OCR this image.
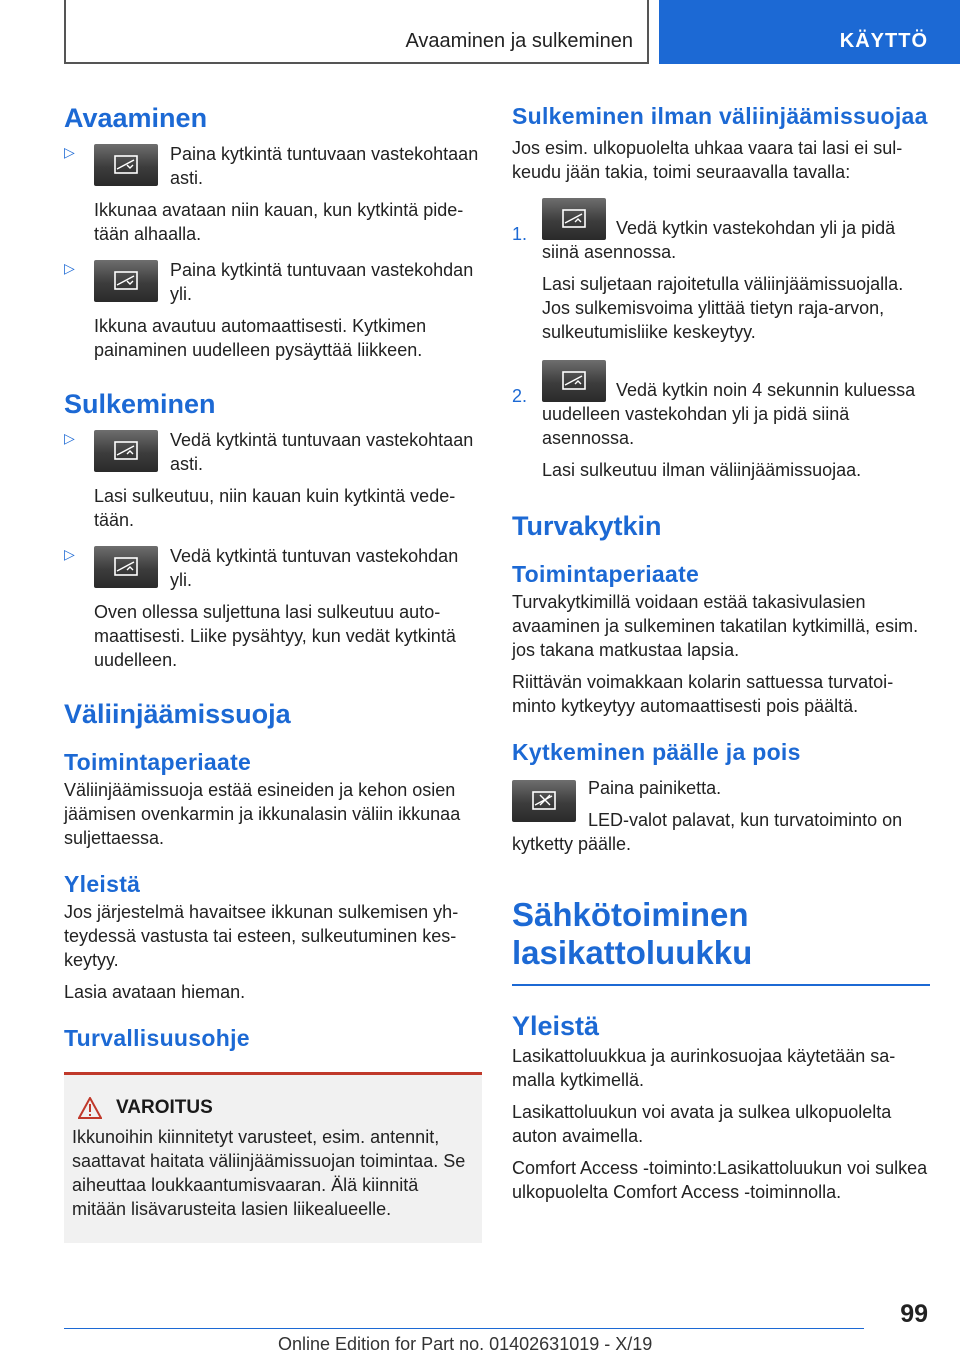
Avaaminen ja sulkeminen	KÄYTTÖ
Avaaminen
▷	Paina kytkintä tuntuvaan vastekohtaan asti.
Ikkunaa avataan niin kauan, kun kytkintä pidetään alhaalla.
▷	Paina kytkintä tuntuvaan vastekohdan yli.
Ikkuna avautuu automaattisesti. Kytkimen painaminen uudelleen pysäyttää liikkeen.
Sulkeminen
▷	Vedä kytkintä tuntuvaan vastekohtaan asti.
Lasi sulkeutuu, niin kauan kuin kytkintä vedetään.
▷	Vedä kytkintä tuntuvan vastekohdan yli.
Oven ollessa suljettuna lasi sulkeutuu automaattisesti. Liike pysähtyy, kun vedät kytkintä uudelleen.
Väliinjäämissuoja
Toimintaperiaate
Väliinjäämissuoja estää esineiden ja kehon osien jäämisen ovenkarmin ja ikkunalasin väliin ikkunaa suljettaessa.
Yleistä
Jos järjestelmä havaitsee ikkunan sulkemisen yhteydessä vastusta tai esteen, sulkeutuminen keskeytyy.
Lasia avataan hieman.
Turvallisuusohje
VAROITUS
Ikkunoihin kiinnitetyt varusteet, esim. antennit, saattavat haitata väliinjäämissuojan toimintaa. Se aiheuttaa loukkaantumisvaaran. Älä kiinnitä mitään lisävarusteita lasien liikealueelle.
Sulkeminen ilman väliinjäämissuojaa
Jos esim. ulkopuolelta uhkaa vaara tai lasi ei sulkeudu jään takia, toimi seuraavalla tavalla:
1.	Vedä kytkin vastekohdan yli ja pidä siinä asennossa.
Lasi suljetaan rajoitetulla väliinjäämissuojalla. Jos sulkemisvoima ylittää tietyn raja-arvon, sulkeutumisliike keskeytyy.
2.	Vedä kytkin noin 4 sekunnin kuluessa uudelleen vastekohdan yli ja pidä siinä asennossa.
Lasi sulkeutuu ilman väliinjäämissuojaa.
Turvakytkin
Toimintaperiaate
Turvakytkimillä voidaan estää takasivulasien avaaminen ja sulkeminen takatilan kytkimillä, esim. jos takana matkustaa lapsia.
Riittävän voimakkaan kolarin sattuessa turvatoiminto kytkeytyy automaattisesti pois päältä.
Kytkeminen päälle ja pois
Paina painiketta.
LED-valot palavat, kun turvatoiminto on kytketty päälle.
Sähkötoiminen
lasikattoluukku
Yleistä
Lasikattoluukkua ja aurinkosuojaa käytetään samalla kytkimellä.
Lasikattoluukun voi avata ja sulkea ulkopuolelta auton avaimella.
Comfort Access -toiminto:Lasikattoluukun voi sulkea ulkopuolelta Comfort Access -toiminnolla.
99
Online Edition for Part no. 01402631019 - X/19
